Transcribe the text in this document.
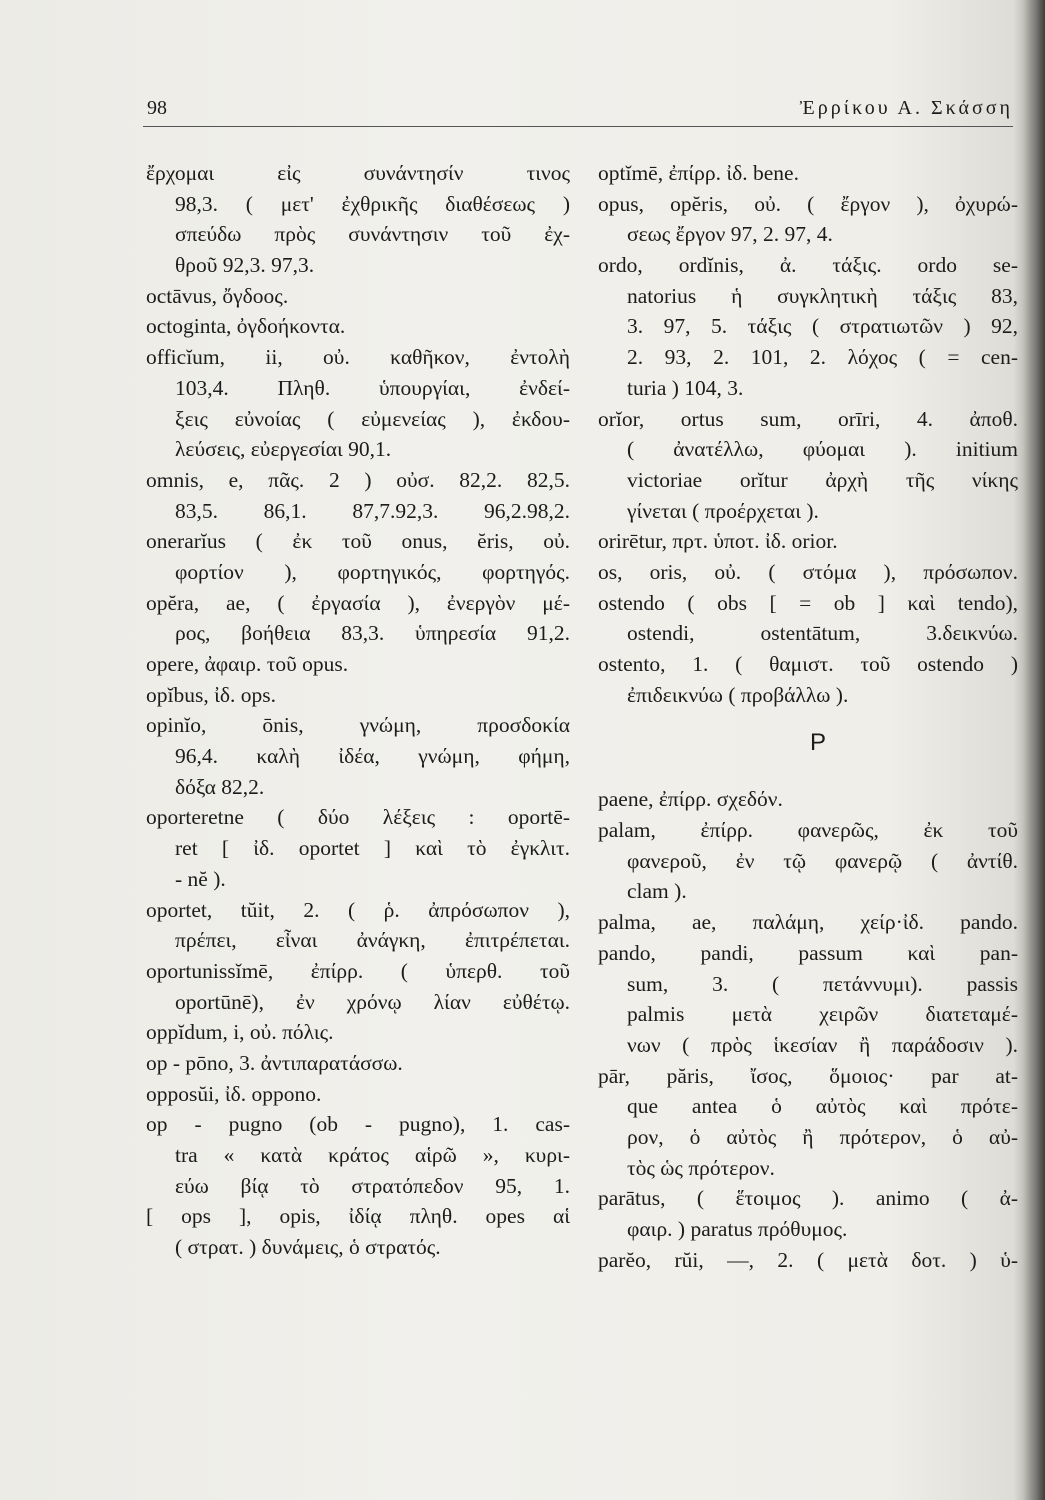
98	Ἐρρίκου Α. Σκάσση
ἔρχομαι εἰς συνάντησίν τινος
98,3. ( μετ' ἐχθρικῆς διαθέσεως )
σπεύδω πρὸς συνάντησιν τοῦ ἐχ-
θροῦ 92,3. 97,3.
octāvus, ὄγδοος.
octoginta, ὀγδοήκοντα.
officĭum, ii, οὐ. καθῆκον, ἐντολὴ
103,4. Πληθ. ὑπουργίαι, ἐνδεί-
ξεις εὐνοίας ( εὐμενείας ), ἐκδου-
λεύσεις, εὐεργεσίαι 90,1.
omnis, e, πᾶς. 2 ) οὐσ. 82,2. 82,5.
83,5. 86,1. 87,7.92,3. 96,2.98,2.
onerarĭus ( ἐκ τοῦ onus, ĕris, οὐ.
φορτίον ), φορτηγικός, φορτηγός.
opĕra, ae, ( ἐργασία ), ἐνεργὸν μέ-
ρος, βοήθεια 83,3. ὑπηρεσία 91,2.
opere, ἀφαιρ. τοῦ opus.
opĭbus, ἰδ. ops.
opinĭo, ōnis, γνώμη, προσδοκία
96,4. καλὴ ἰδέα, γνώμη, φήμη,
δόξα 82,2.
oporteretne ( δύο λέξεις : oportē-
ret [ ἰδ. oportet ] καὶ τὸ ἐγκλιτ.
- nĕ ).
oportet, tŭit, 2. ( ῥ. ἀπρόσωπον ),
πρέπει, εἶναι ἀνάγκη, ἐπιτρέπεται.
oportunissĭmē, ἐπίρρ. ( ὑπερθ. τοῦ
oportūnē), ἐν χρόνῳ λίαν εὐθέτῳ.
oppĭdum, i, οὐ. πόλις.
op - pōno, 3. ἀντιπαρατάσσω.
opposŭi, ἰδ. oppono.
op - pugno (ob - pugno), 1. cas-
tra « κατὰ κράτος αἱρῶ », κυρι-
εύω βίᾳ τὸ στρατόπεδον 95, 1.
[ ops ], opis, ἰδίᾳ πληθ. opes αἱ
( στρατ. ) δυνάμεις, ὁ στρατός.
optĭmē, ἐπίρρ. ἰδ. bene.
opus, opĕris, οὐ. ( ἔργον ), ὀχυρώ-
σεως ἔργον 97, 2. 97, 4.
ordo, ordĭnis, ἀ. τάξις. ordo se-
natorius ἡ συγκλητικὴ τάξις 83,
3. 97, 5. τάξις ( στρατιωτῶν ) 92,
2. 93, 2. 101, 2. λόχος ( = cen-
turia ) 104, 3.
orĭor, ortus sum, orīri, 4. ἀποθ.
( ἀνατέλλω, φύομαι ). initium
victoriae orĭtur ἀρχὴ τῆς νίκης
γίνεται ( προέρχεται ).
orirētur, πρτ. ὑποτ. ἰδ. orior.
os, oris, οὐ. ( στόμα ), πρόσωπον.
ostendo ( obs [ = ob ] καὶ tendo),
ostendi, ostentātum, 3.δεικνύω.
ostento, 1. ( θαμιστ. τοῦ ostendo )
ἐπιδεικνύω ( προβάλλω ).
P
paene, ἐπίρρ. σχεδόν.
palam, ἐπίρρ. φανερῶς, ἐκ τοῦ
φανεροῦ, ἐν τῷ φανερῷ ( ἀντίθ.
clam ).
palma, ae, παλάμη, χείρ·ἰδ. pando.
pando, pandi, passum καὶ pan-
sum, 3. ( πετάννυμι). passis
palmis μετὰ χειρῶν διατεταμέ-
νων ( πρὸς ἱκεσίαν ἢ παράδοσιν ).
pār, păris, ἴσος, ὅμοιος· par at-
que antea ὁ αὐτὸς καὶ πρότε-
ρον, ὁ αὐτὸς ἢ πρότερον, ὁ αὐ-
τὸς ὡς πρότερον.
parātus, ( ἕτοιμος ). animo ( ἀ-
φαιρ. ) paratus πρόθυμος.
parĕo, rŭi, —, 2. ( μετὰ δοτ. ) ὑ-
